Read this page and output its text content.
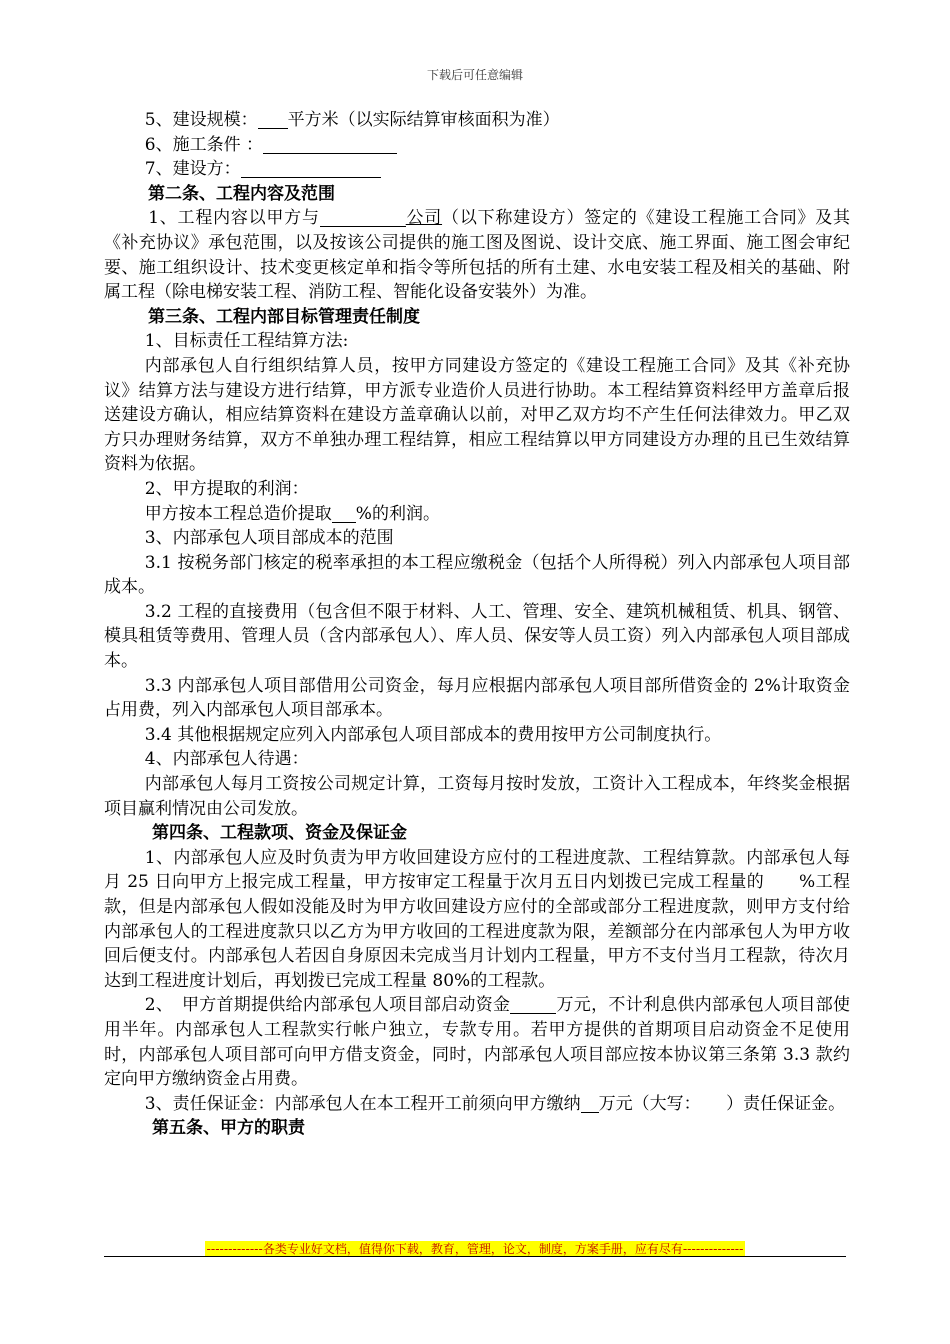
下载后可任意编辑

5、建设规模： 平方米（以实际结算审核面积为准）

6、施工条件 ：

7、建设方：

第二条、工程内容及范围

1、工程内容以甲方与	公司（以下称建设方）签定的《建设工程施工合同》及其《补充协议》承包范围，以及按该公司提供的施工图及图说、设计交底、施工界面、施工图会审纪要、施工组织设计、技术变更核定单和指令等所包括的所有土建、水电安装工程及相关的基础、附属工程（除电梯安装工程、消防工程、智能化设备安装外）为准。

第三条、工程内部目标管理责任制度

1、目标责任工程结算方法:

内部承包人自行组织结算人员，按甲方同建设方签定的《建设工程施工合同》及其《补充协议》结算方法与建设方进行结算，甲方派专业造价人员进行协助。本工程结算资料经甲方盖章后报送建设方确认，相应结算资料在建设方盖章确认以前，对甲乙双方均不产生任何法律效力。甲乙双方只办理财务结算，双方不单独办理工程结算，相应工程结算以甲方同建设方办理的且已生效结算资料为依据。

2、甲方提取的利润：

甲方按本工程总造价提取 %的利润。

3、内部承包人项目部成本的范围

3.1 按税务部门核定的税率承担的本工程应缴税金（包括个人所得税）列入内部承包人项目部成本。

3.2 工程的直接费用（包含但不限于材料、人工、管理、安全、建筑机械租赁、机具、钢管、模具租赁等费用、管理人员（含内部承包人）、库人员、保安等人员工资）列入内部承包人项目部成本。

3.3 内部承包人项目部借用公司资金，每月应根据内部承包人项目部所借资金的 2%计取资金占用费，列入内部承包人项目部承本。

3.4 其他根据规定应列入内部承包人项目部成本的费用按甲方公司制度执行。

4、内部承包人待遇：

内部承包人每月工资按公司规定计算，工资每月按时发放，工资计入工程成本，年终奖金根据项目赢利情况由公司发放。

第四条、工程款项、资金及保证金

1、内部承包人应及时负责为甲方收回建设方应付的工程进度款、工程结算款。内部承包人每月 25 日向甲方上报完成工程量，甲方按审定工程量于次月五日内划拨已完成工程量的　　%工程款，但是内部承包人假如没能及时为甲方收回建设方应付的全部或部分工程进度款，则甲方支付给内部承包人的工程进度款只以乙方为甲方收回的工程进度款为限，差额部分在内部承包人为甲方收回后便支付。内部承包人若因自身原因未完成当月计划内工程量，甲方不支付当月工程款，待次月达到工程进度计划后，再划拨已完成工程量 80%的工程款。

2、　甲方首期提供给内部承包人项目部启动资金	万元，不计利息供内部承包人项目部使用半年。内部承包人工程款实行帐户独立，专款专用。若甲方提供的首期项目启动资金不足使用时，内部承包人项目部可向甲方借支资金，同时，内部承包人项目部应按本协议第三条第 3.3 款约定向甲方缴纳资金占用费。

3、责任保证金：内部承包人在本工程开工前须向甲方缴纳 万元（大写：　　）责任保证金。

第五条、甲方的职责

-------------各类专业好文档，值得你下载，教育，管理，论文，制度，方案手册，应有尽有--------------
